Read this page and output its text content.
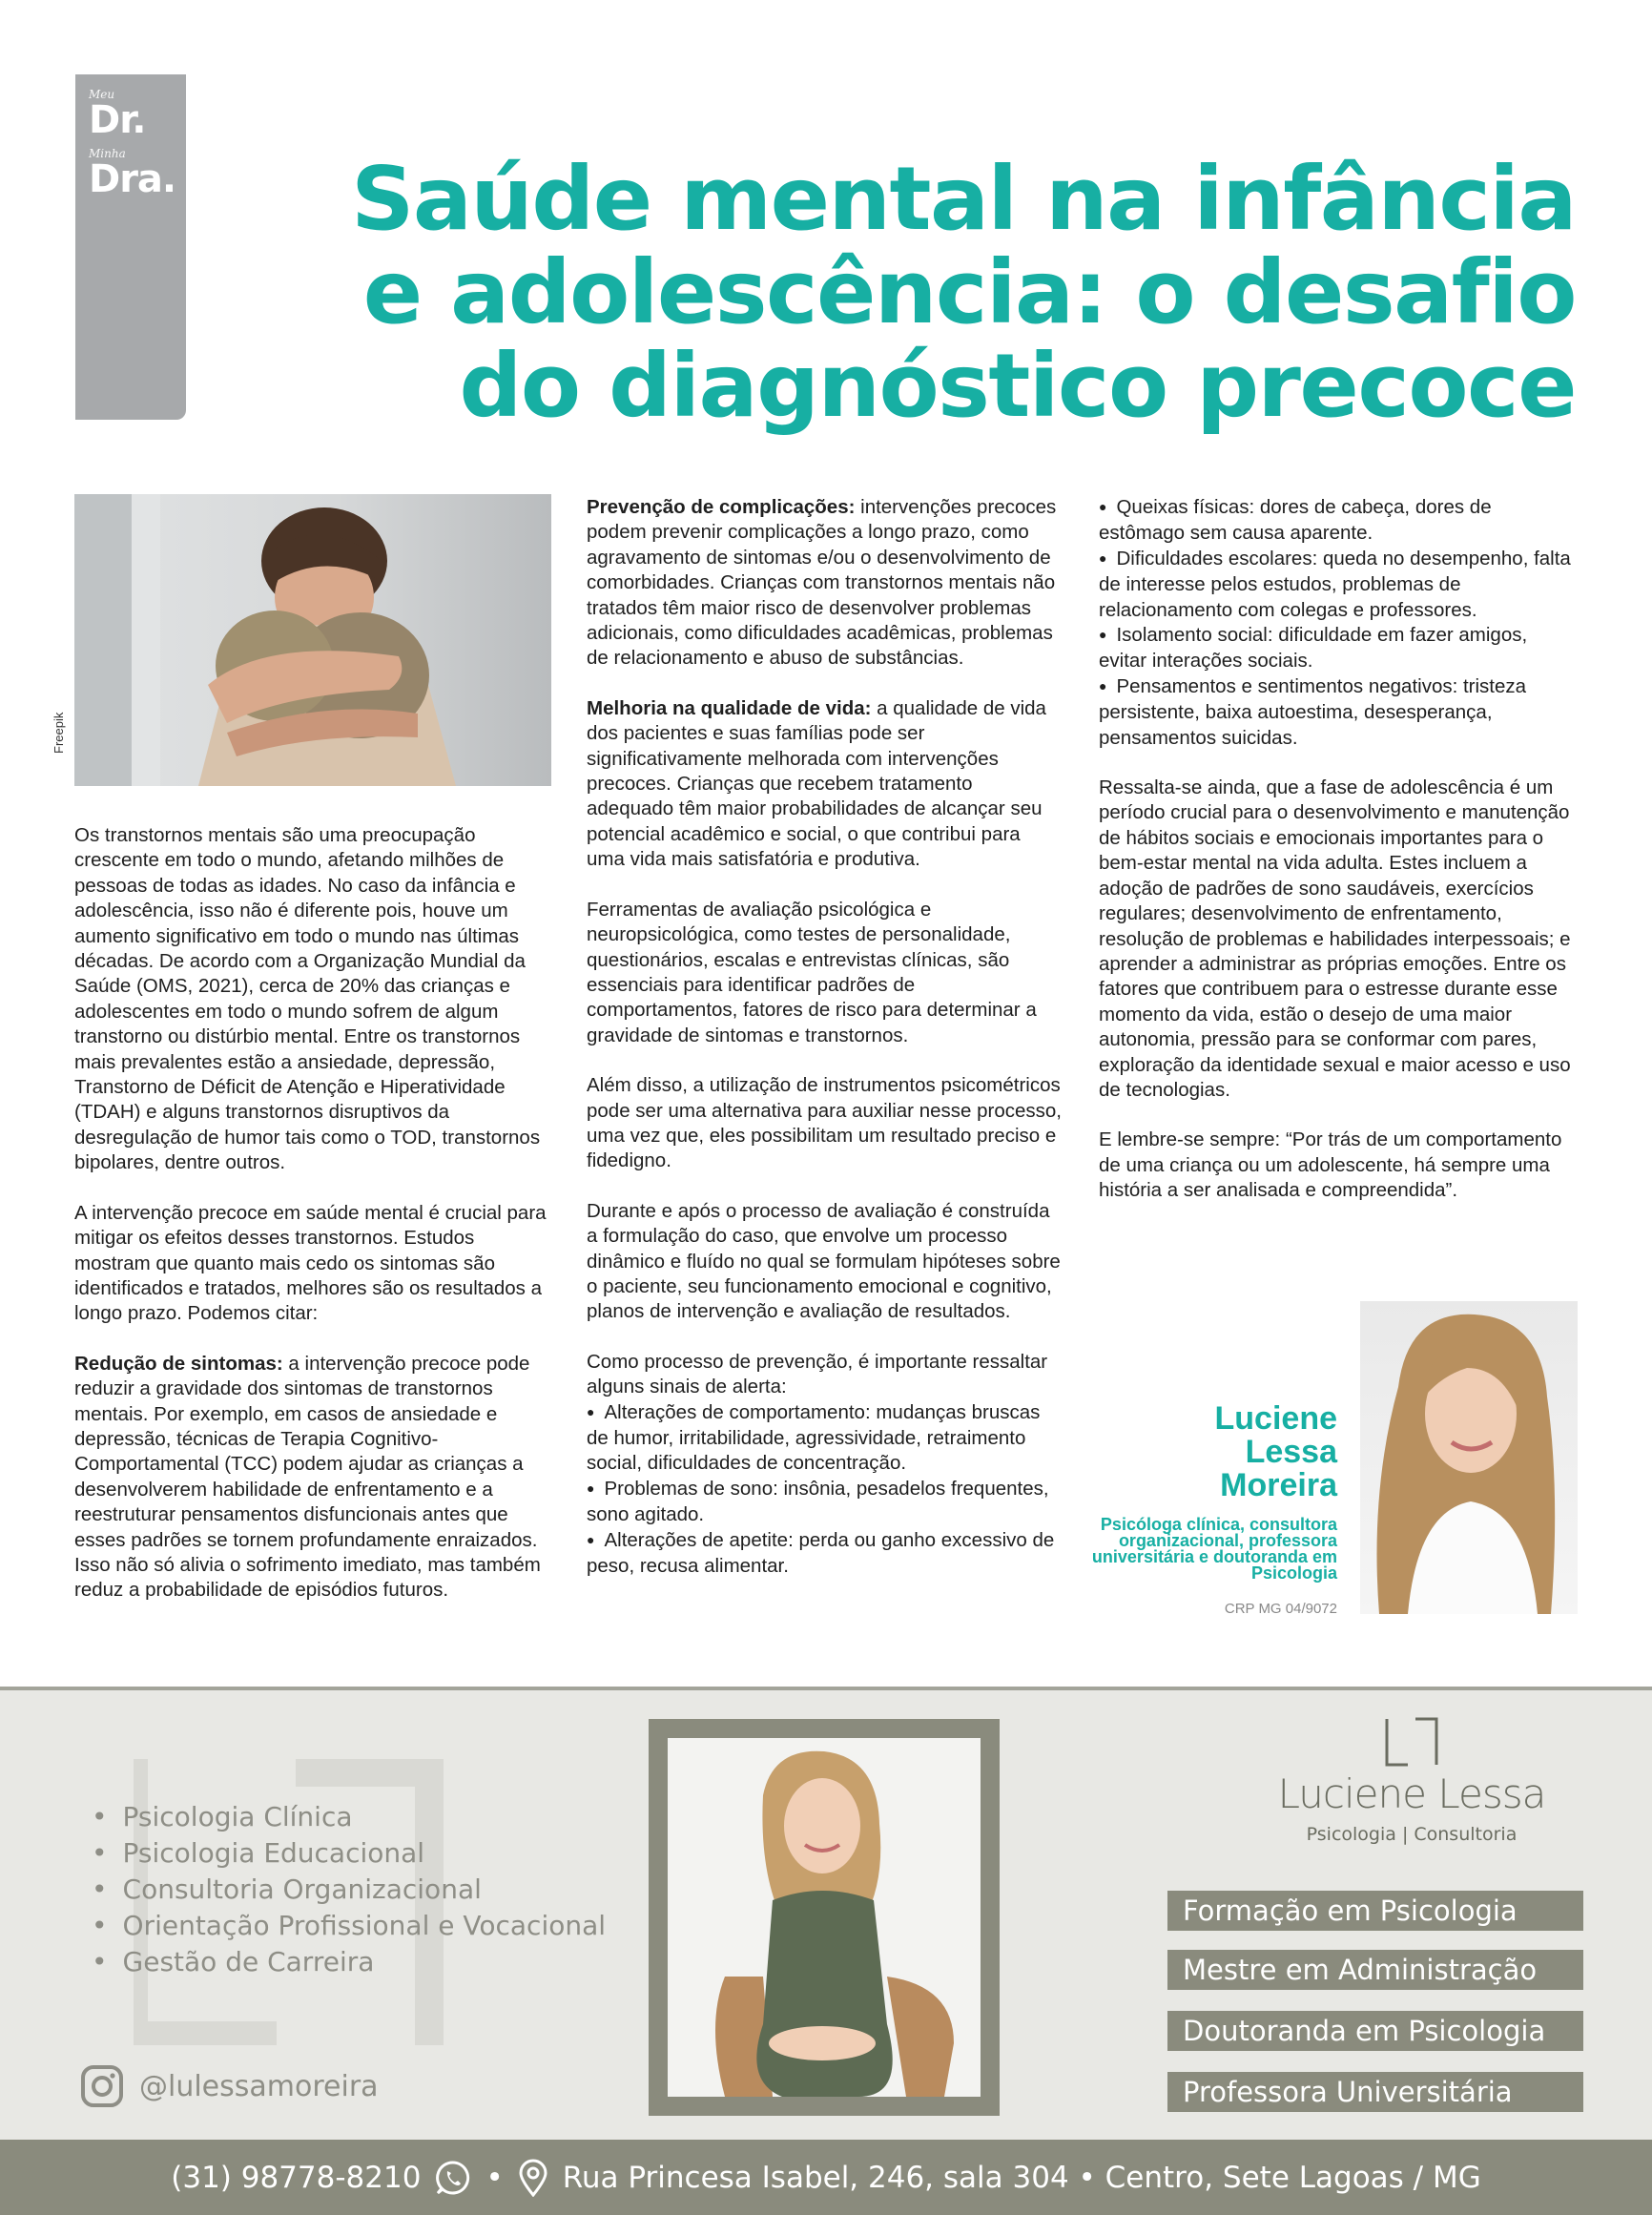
Meu
Dr.
Minha
Dra.	Saúde mental na infância e adolescência: o desafio do diagnóstico precoce
Freepik

Os transtornos mentais são uma preocupação crescente em todo o mundo, afetando milhões de pessoas de todas as idades. No caso da infância e adolescência, isso não é diferente pois, houve um aumento significativo em todo o mundo nas últimas décadas. De acordo com a Organização Mundial da Saúde (OMS, 2021), cerca de 20% das crianças e adolescentes em todo o mundo sofrem de algum transtorno ou distúrbio mental. Entre os transtornos mais prevalentes estão a ansiedade, depressão, Transtorno de Déficit de Atenção e Hiperatividade (TDAH) e alguns transtornos disruptivos da desregulação de humor tais como o TOD, transtornos bipolares, dentre outros.

A intervenção precoce em saúde mental é crucial para mitigar os efeitos desses transtornos. Estudos mostram que quanto mais cedo os sintomas são identificados e tratados, melhores são os resultados a longo prazo. Podemos citar:

Redução de sintomas: a intervenção precoce pode reduzir a gravidade dos sintomas de transtornos mentais. Por exemplo, em casos de ansiedade e depressão, técnicas de Terapia Cognitivo-Comportamental (TCC) podem ajudar as crianças a desenvolverem habilidade de enfrentamento e a reestruturar pensamentos disfuncionais antes que esses padrões se tornem profundamente enraizados. Isso não só alivia o sofrimento imediato, mas também reduz a probabilidade de episódios futuros.

Prevenção de complicações: intervenções precoces podem prevenir complicações a longo prazo, como agravamento de sintomas e/ou o desenvolvimento de comorbidades. Crianças com transtornos mentais não tratados têm maior risco de desenvolver problemas adicionais, como dificuldades acadêmicas, problemas de relacionamento e abuso de substâncias.

Melhoria na qualidade de vida: a qualidade de vida dos pacientes e suas famílias pode ser significativamente melhorada com intervenções precoces. Crianças que recebem tratamento adequado têm maior probabilidades de alcançar seu potencial acadêmico e social, o que contribui para uma vida mais satisfatória e produtiva.

Ferramentas de avaliação psicológica e neuropsicológica, como testes de personalidade, questionários, escalas e entrevistas clínicas, são essenciais para identificar padrões de comportamentos, fatores de risco para determinar a gravidade de sintomas e transtornos.

Além disso, a utilização de instrumentos psicométricos pode ser uma alternativa para auxiliar nesse processo, uma vez que, eles possibilitam um resultado preciso e fidedigno.

Durante e após o processo de avaliação é construída a formulação do caso, que envolve um processo dinâmico e fluído no qual se formulam hipóteses sobre o paciente, seu funcionamento emocional e cognitivo, planos de intervenção e avaliação de resultados.

Como processo de prevenção, é importante ressaltar alguns sinais de alerta:

● Alterações de comportamento: mudanças bruscas de humor, irritabilidade, agressividade, retraimento social, dificuldades de concentração.
● Problemas de sono: insônia, pesadelos frequentes, sono agitado.
● Alterações de apetite: perda ou ganho excessivo de peso, recusa alimentar.
● Queixas físicas: dores de cabeça, dores de estômago sem causa aparente.
● Dificuldades escolares: queda no desempenho, falta de interesse pelos estudos, problemas de relacionamento com colegas e professores.
● Isolamento social: dificuldade em fazer amigos, evitar interações sociais.
● Pensamentos e sentimentos negativos: tristeza persistente, baixa autoestima, desesperança, pensamentos suicidas.

Ressalta-se ainda, que a fase de adolescência é um período crucial para o desenvolvimento e manutenção de hábitos sociais e emocionais importantes para o bem-estar mental na vida adulta. Estes incluem a adoção de padrões de sono saudáveis, exercícios regulares; desenvolvimento de enfrentamento, resolução de problemas e habilidades interpessoais; e aprender a administrar as próprias emoções. Entre os fatores que contribuem para o estresse durante esse momento da vida, estão o desejo de uma maior autonomia, pressão para se conformar com pares, exploração da identidade sexual e maior acesso e uso de tecnologias.

E lembre-se sempre: “Por trás de um comportamento de uma criança ou um adolescente, há sempre uma história a ser analisada e compreendida”.

Luciene
Lessa
Moreira
Psicóloga clínica, consultora organizacional, professora universitária e doutoranda em Psicologia
CRP MG 04/9072
• Psicologia Clínica
• Psicologia Educacional
• Consultoria Organizacional
• Orientação Profissional e Vocacional
• Gestão de Carreira
@lulessamoreira
Luciene Lessa
Psicologia | Consultoria
Formação em Psicologia
Mestre em Administração
Doutoranda em Psicologia
Professora Universitária
(31) 98778-8210 • Rua Princesa Isabel, 246, sala 304 • Centro, Sete Lagoas / MG
